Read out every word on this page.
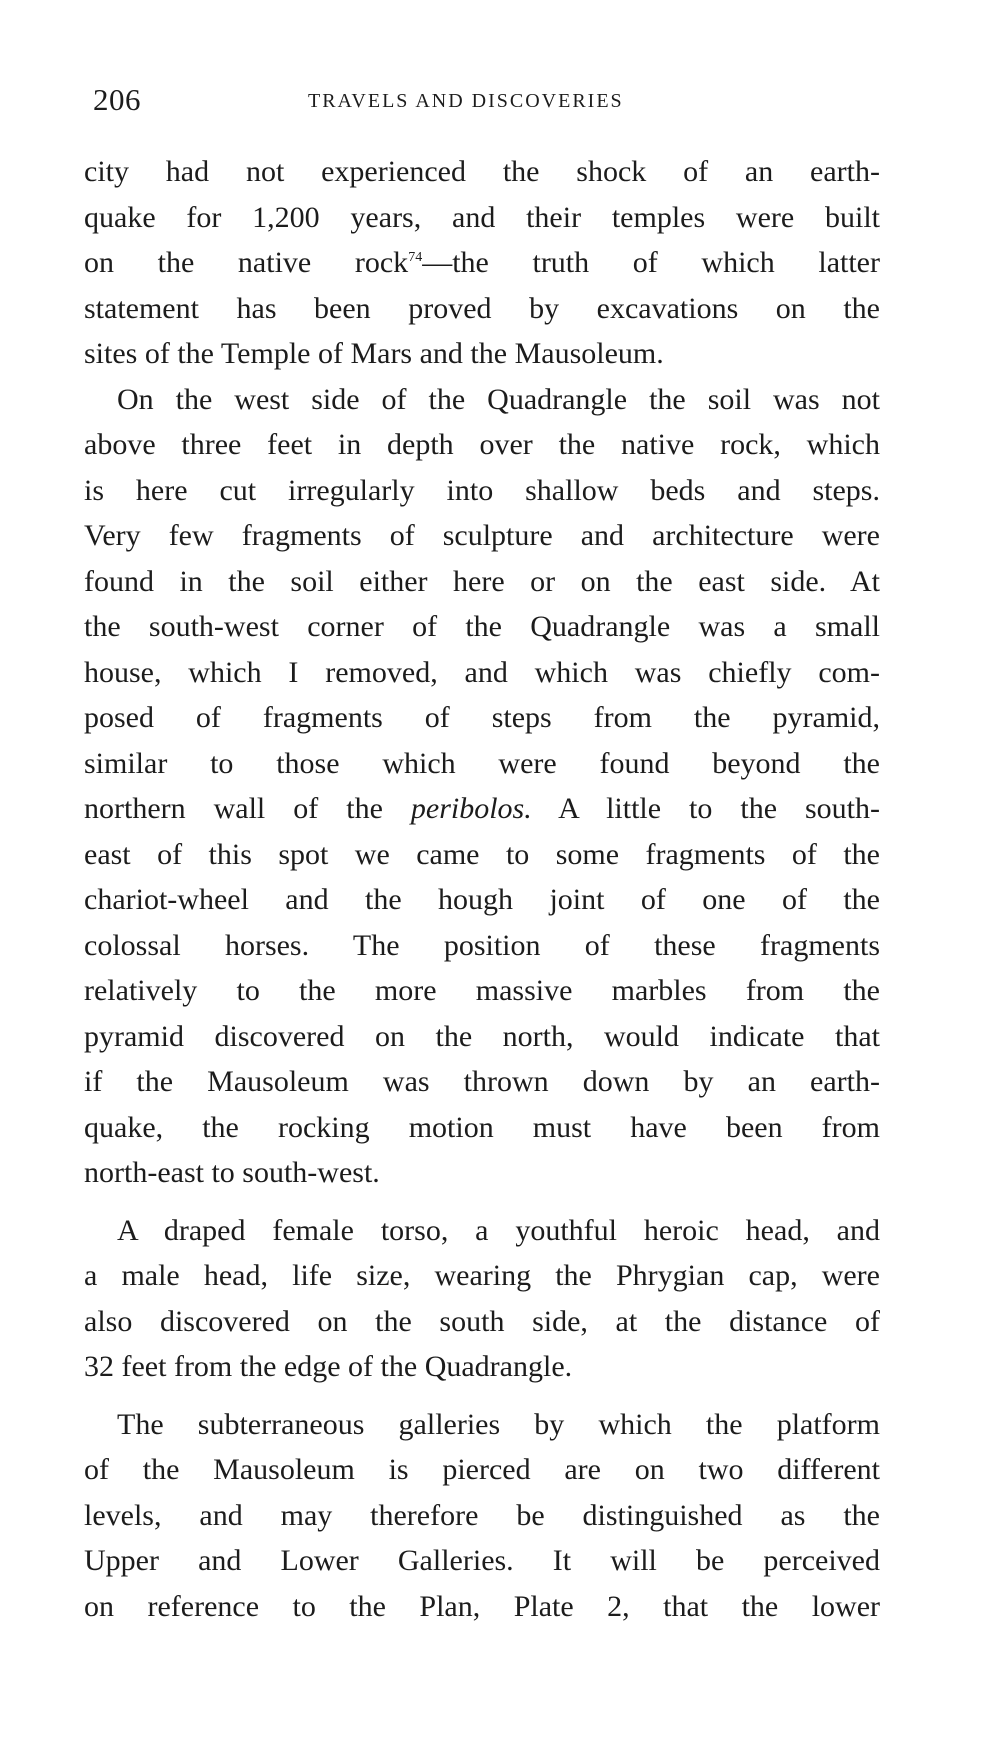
206	TRAVELS AND DISCOVERIES
city had not experienced the shock of an earth-
quake for 1,200 years, and their temples were built
on the native rock$^{74}$—the truth of which latter
statement has been proved by excavations on the
sites of the Temple of Mars and the Mausoleum.
On the west side of the Quadrangle the soil was not
above three feet in depth over the native rock, which
is here cut irregularly into shallow beds and steps.
Very few fragments of sculpture and architecture were
found in the soil either here or on the east side. At
the south-west corner of the Quadrangle was a small
house, which I removed, and which was chiefly com-
posed of fragments of steps from the pyramid,
similar to those which were found beyond the
northern wall of the peribolos. A little to the south-
east of this spot we came to some fragments of the
chariot-wheel and the hough joint of one of the
colossal horses. The position of these fragments
relatively to the more massive marbles from the
pyramid discovered on the north, would indicate that
if the Mausoleum was thrown down by an earth-
quake, the rocking motion must have been from
north-east to south-west.
A draped female torso, a youthful heroic head, and
a male head, life size, wearing the Phrygian cap, were
also discovered on the south side, at the distance of
32 feet from the edge of the Quadrangle.
The subterraneous galleries by which the platform
of the Mausoleum is pierced are on two different
levels, and may therefore be distinguished as the
Upper and Lower Galleries. It will be perceived
on reference to the Plan, Plate 2, that the lower
